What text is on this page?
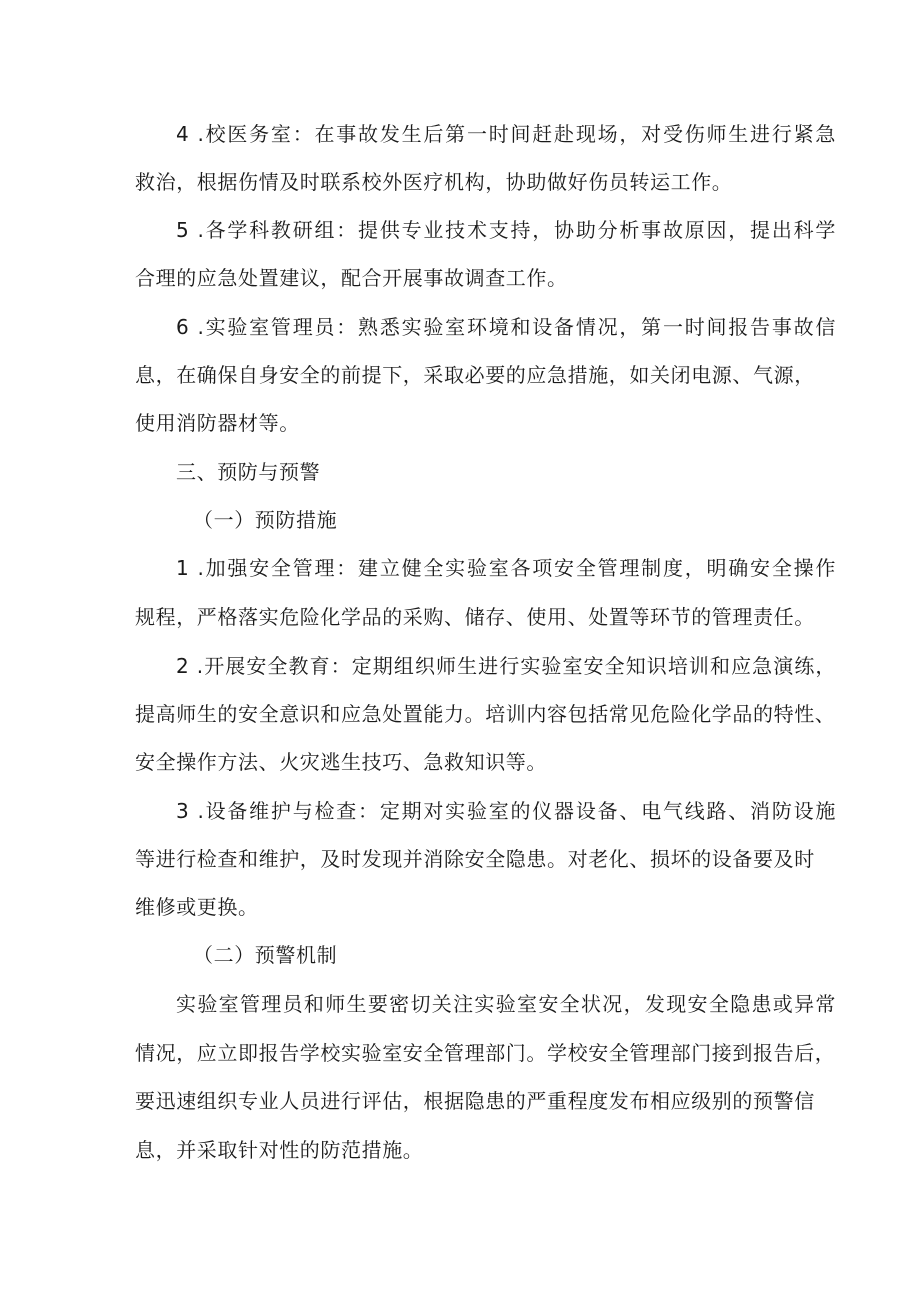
4 .校医务室：在事故发生后第一时间赶赴现场，对受伤师生进行紧急
救治，根据伤情及时联系校外医疗机构，协助做好伤员转运工作。
5 .各学科教研组：提供专业技术支持，协助分析事故原因，提出科学
合理的应急处置建议，配合开展事故调查工作。
6 .实验室管理员：熟悉实验室环境和设备情况，第一时间报告事故信
息，在确保自身安全的前提下，采取必要的应急措施，如关闭电源、气源，
使用消防器材等。
三、预防与预警
（一）预防措施
1 .加强安全管理：建立健全实验室各项安全管理制度，明确安全操作
规程，严格落实危险化学品的采购、储存、使用、处置等环节的管理责任。
2 .开展安全教育：定期组织师生进行实验室安全知识培训和应急演练，
提高师生的安全意识和应急处置能力。培训内容包括常见危险化学品的特性、
安全操作方法、火灾逃生技巧、急救知识等。
3 .设备维护与检查：定期对实验室的仪器设备、电气线路、消防设施
等进行检查和维护，及时发现并消除安全隐患。对老化、损坏的设备要及时
维修或更换。
（二）预警机制
实验室管理员和师生要密切关注实验室安全状况，发现安全隐患或异常
情况，应立即报告学校实验室安全管理部门。学校安全管理部门接到报告后，
要迅速组织专业人员进行评估，根据隐患的严重程度发布相应级别的预警信
息，并采取针对性的防范措施。
